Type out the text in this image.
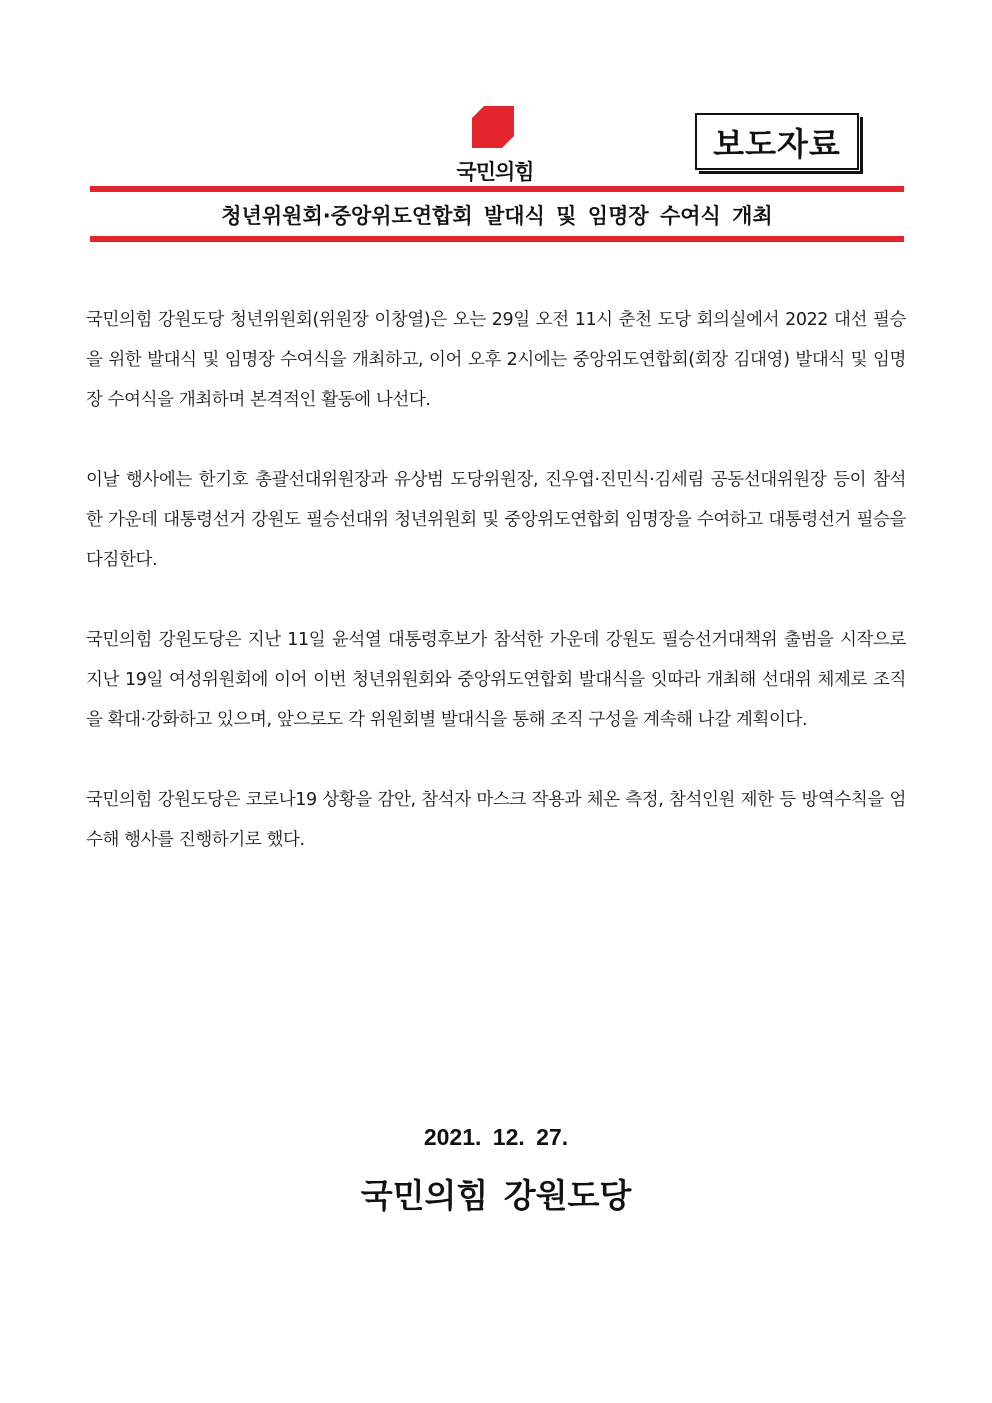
국민의힘
보도자료
청년위원회·중앙위도연합회 발대식 및 임명장 수여식 개최

국민의힘 강원도당 청년위원회(위원장 이창열)은 오는 29일 오전 11시 춘천 도당 회의실에서 2022 대선 필승을 위한 발대식 및 임명장 수여식을 개최하고, 이어 오후 2시에는 중앙위도연합회(회장 김대영) 발대식 및 임명장 수여식을 개최하며 본격적인 활동에 나선다.

이날 행사에는 한기호 총괄선대위원장과 유상범 도당위원장, 진우엽·진민식·김세림 공동선대위원장 등이 참석한 가운데 대통령선거 강원도 필승선대위 청년위원회 및 중앙위도연합회 임명장을 수여하고 대통령선거 필승을 다짐한다.

국민의힘 강원도당은 지난 11일 윤석열 대통령후보가 참석한 가운데 강원도 필승선거대책위 출범을 시작으로 지난 19일 여성위원회에 이어 이번 청년위원회와 중앙위도연합회 발대식을 잇따라 개최해 선대위 체제로 조직을 확대·강화하고 있으며, 앞으로도 각 위원회별 발대식을 통해 조직 구성을 계속해 나갈 계획이다.

국민의힘 강원도당은 코로나19 상황을 감안, 참석자 마스크 작용과 체온 측정, 참석인원 제한 등 방역수칙을 엄수해 행사를 진행하기로 했다.

2021. 12. 27.
국민의힘 강원도당
